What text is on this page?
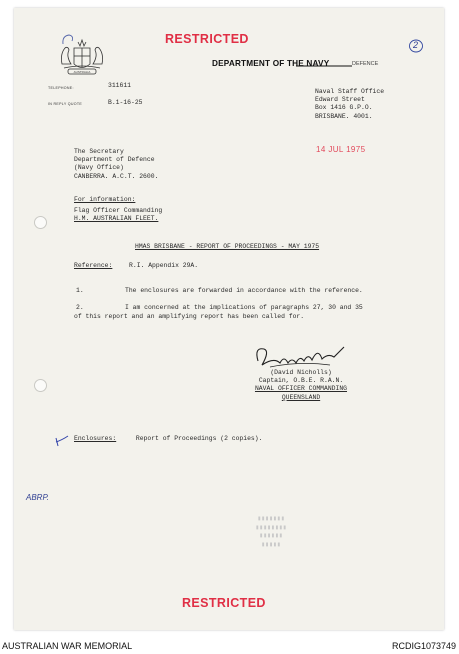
AUSTRALIA
RESTRICTED	2
DEPARTMENT OF THE NAVY	DEFENCE
TELEPHONE:	311611
IN REPLY QUOTE	B.1-16-25
Naval Staff Office
Edward Street
Box 1416 G.P.O.
BRISBANE. 4001.
14 JUL 1975
The Secretary
Department of Defence
(Navy Office)
CANBERRA. A.C.T. 2600.
For information:
Flag Officer Commanding
H.M. AUSTRALIAN FLEET.
HMAS BRISBANE - REPORT OF PROCEEDINGS - MAY 1975
Reference:	R.I. Appendix 29A.
1.	The enclosures are forwarded in accordance with the reference.
2.	I am concerned at the implications of paragraphs 27, 30 and 35
of this report and an amplifying report has been called for.
(David Nicholls)
Captain, O.B.E. R.A.N.
NAVAL OFFICER COMMANDING
QUEENSLAND
Enclosures:	Report of Proceedings (2 copies).
ABRP.
▮▮▮▮▮▮▮
▮▮▮▮▮▮▮▮
▮▮▮▮▮▮
▮▮▮▮▮
RESTRICTED
AUSTRALIAN WAR MEMORIAL	RCDIG1073749
